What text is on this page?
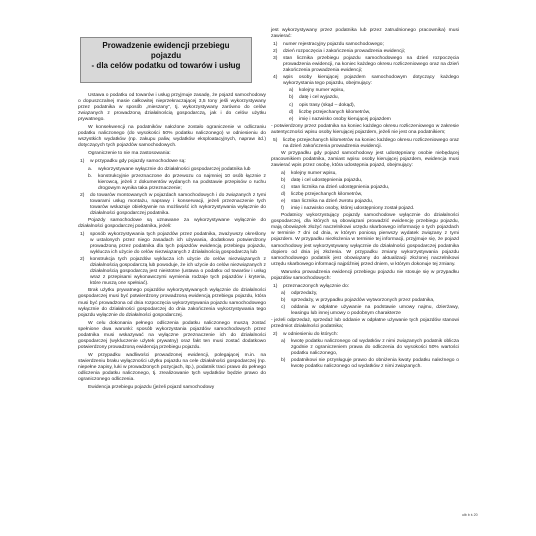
Prowadzenie ewidencji przebiegu pojazdu
- dla celów podatku od towarów i usług

Ustawa o podatku od towarów i usług przyjmuje zasadę, że pojazd samochodowy o dopuszczalnej masie całkowitej nieprzekraczającej 3,5 tony jeśli wykorzystywany przez podatnika w sposób „mieszany”, tj. wykorzystywany zarówno do celów związanych z prowadzoną działalnością gospodarczą, jak i do celów użytku prywatnego.

W konsekwencji na podatników nałożone zostało ograniczenie w odliczaniu podatku naliczonego (do wysokości 50% podatku naliczonego) w odniesieniu do wszystkich wydatków (np. zakupu paliw, wydatków eksploatacyjnych, napraw itd.) dotyczących tych pojazdów samochodowych.

Ograniczenie to nie ma zastosowania:

1)	w przypadku gdy pojazdy samochodowe są:
a.	wykorzystywane wyłącznie do działalności gospodarczej podatnika lub
b.	konstrukcyjnie przeznaczone do przewozu co najmniej 10 osób łącznie z kierowcą, jeżeli z dokumentów wydanych na podstawie przepisów o ruchu drogowym wynika taka przeznaczenie;
2)	do towarów montowanych w pojazdach samochodowych i do związanych z tymi towarami usług montażu, naprawy i konserwacji, jeżeli przeznaczenie tych towarów wskazuje obiektywnie na możliwość ich wykorzystywania wyłącznie do działalności gospodarczej podatnika.

Pojazdy samochodowe są uznawane za wykorzystywane wyłącznie do działalności gospodarczej podatnika, jeżeli:

1)	sposób wykorzystywania tych pojazdów przez podatnika, zważywszy określony w ustalonych przez niego zasadach ich używania, dodatkowo potwierdzony prowadzoną przez podatnika dla tych pojazdów ewidencją przebiegu pojazdu, wyklucza ich użycie do celów niezwiązanych z działalnością gospodarczą lub
2)	konstrukcja tych pojazdów wyklucza ich użycie do celów niezwiązanych z działalnością gospodarczą lub powoduje, że ich użycie do celów niezwiązanych z działalnością gospodarczą jest nieistotne (ustawa o podatku od towarów i usług wraz z przepisami wykonawczymi wymienia rodzaje tych pojazdów i kryteria, które muszą one spełniać).

Brak użytku prywatnego pojazdów wykorzystywanych wyłącznie do działalności gospodarczej musi być potwierdzony prowadzoną ewidencją przebiegu pojazdu, która musi być prowadzona od dnia rozpoczęcia wykorzystywania pojazdu samochodowego wyłącznie do działalności gospodarczej do dnia zakończenia wykorzystywania tego pojazdu wyłącznie do działalności gospodarczej.

W celu dokonania pełnego odliczenia podatku naliczonego muszą zostać spełnione dwa warunki: sposób wykorzystania pojazdów samochodowych przez podatnika musi wskazywać na wyłączne przeznaczenie ich do działalności gospodarczej (wykluczenie użytek prywatny) oraz fakt ten musi zostać dodatkowo potwierdzony prowadzoną ewidencją przebiegu pojazdu.

W przypadku wadliwości prowadzonej ewidencji, polegającej m.in. na stwierdzeniu braku wyłączności użytku pojazdu na cele działalności gospodarczej (np. niepełne zapisy, luki w prowadzonych pozycjach, itp.), podatnik traci prawo do pełnego odliczenia podatku naliczonego, tj. zrealizowanie tych wydatków będzie prawo do ograniczonego odliczenia.

Ewidencja przebiegu pojazdu (jeżeli pojazd samochodowy

jest wykorzystywany przez podatnika lub przez zatrudnionego pracownika) musi zawierać:

1)	numer rejestracyjny pojazdu samochodowego;
2)	dzień rozpoczęcia i zakończenia prowadzenia ewidencji;
3)	stan licznika przebiegu pojazdu samochodowego na dzień rozpoczęcia prowadzenia ewidencji, na koniec każdego okresu rozliczeniowego oraz na dzień zakończenia prowadzenia ewidencji;
4)	wpis osoby kierującej pojazdem samochodowym dotyczący każdego wykorzystania tego pojazdu, obejmujący:
a)	kolejny numer wpisu,
b)	datę i cel wyjazdu,
c)	opis trasy (skąd – dokąd),
d)	liczbę przejechanych kilometrów,
e)	imię i nazwisko osoby kierującej pojazdem

- potwierdzony przez podatnika na koniec każdego okresu rozliczeniowego w zakresie autentyczności wpisu osoby kierującej pojazdem, jeżeli nie jest ona podatnikiem;

5)	liczbę przejechanych kilometrów na koniec każdego okresu rozliczeniowego oraz na dzień zakończenia prowadzenia ewidencji.

W przypadku gdy pojazd samochodowy jest udostępniany osobie niebędącej pracownikiem podatnika, zamiast wpisu osoby kierującej pojazdem, ewidencja musi zawierać wpis przez osobę, która udostępnia pojazd, obejmujący:

a)	kolejny numer wpisu,
b)	datę i cel udostępnienia pojazdu,
c)	stan licznika na dzień udostępnienia pojazdu,
d)	liczbę przejechanych kilometrów,
e)	stan licznika na dzień zwrotu pojazdu,
f)	imię i nazwisko osoby, której udostępniony został pojazd.

Podatnicy wykorzystujący pojazdy samochodowe wyłącznie do działalności gospodarczej, dla których są obowiązani prowadzić ewidencję przebiegu pojazdu, mają obowiązek złożyć naczelnikowi urzędu skarbowego informację o tych pojazdach w terminie 7 dni od dnia, w którym poniosą pierwszy wydatek związany z tymi pojazdem. W przypadku niezłożenia w terminie tej informacji, przyjmuje się, że pojazd samochodowy jest wykorzystywany wyłącznie do działalności gospodarczej podatnika dopiero od dnia jej złożenia. W przypadku zmiany wykorzystywania pojazdu samochodowego podatnik jest obowiązany do aktualizacji złożonej naczelnikowi urzędu skarbowego informacji najpóźniej przed dniem, w którym dokonuje tej zmiany.

Warunku prowadzenia ewidencji przebiegu pojazdu nie stosuje się w przypadku pojazdów samochodowych:

1)	przeznaczonych wyłącznie do:
a)	odprzedaży,
b)	sprzedaży, w przypadku pojazdów wytworzonych przez podatnika,
c)	oddania w odpłatne używanie na podstawie umowy najmu, dzierżawy, leasingu lub innej umowy o podobnym charakterze

- jeżeli odprzedaż, sprzedaż lub oddanie w odpłatne używanie tych pojazdów stanowi przedmiot działalności podatnika;

2)	w odniesieniu do których:
a)	kwotę podatku naliczonego od wydatków z nimi związanych podatnik oblicza zgodnie z ograniczeniem prawa do odliczenia do wysokości 50% wartości podatku naliczonego,
b)	podatnikowi nie przysługuje prawo do obniżenia kwoty podatku należnego o kwotę podatku naliczonego od wydatków z nimi związanych.
ułb b ś 20
